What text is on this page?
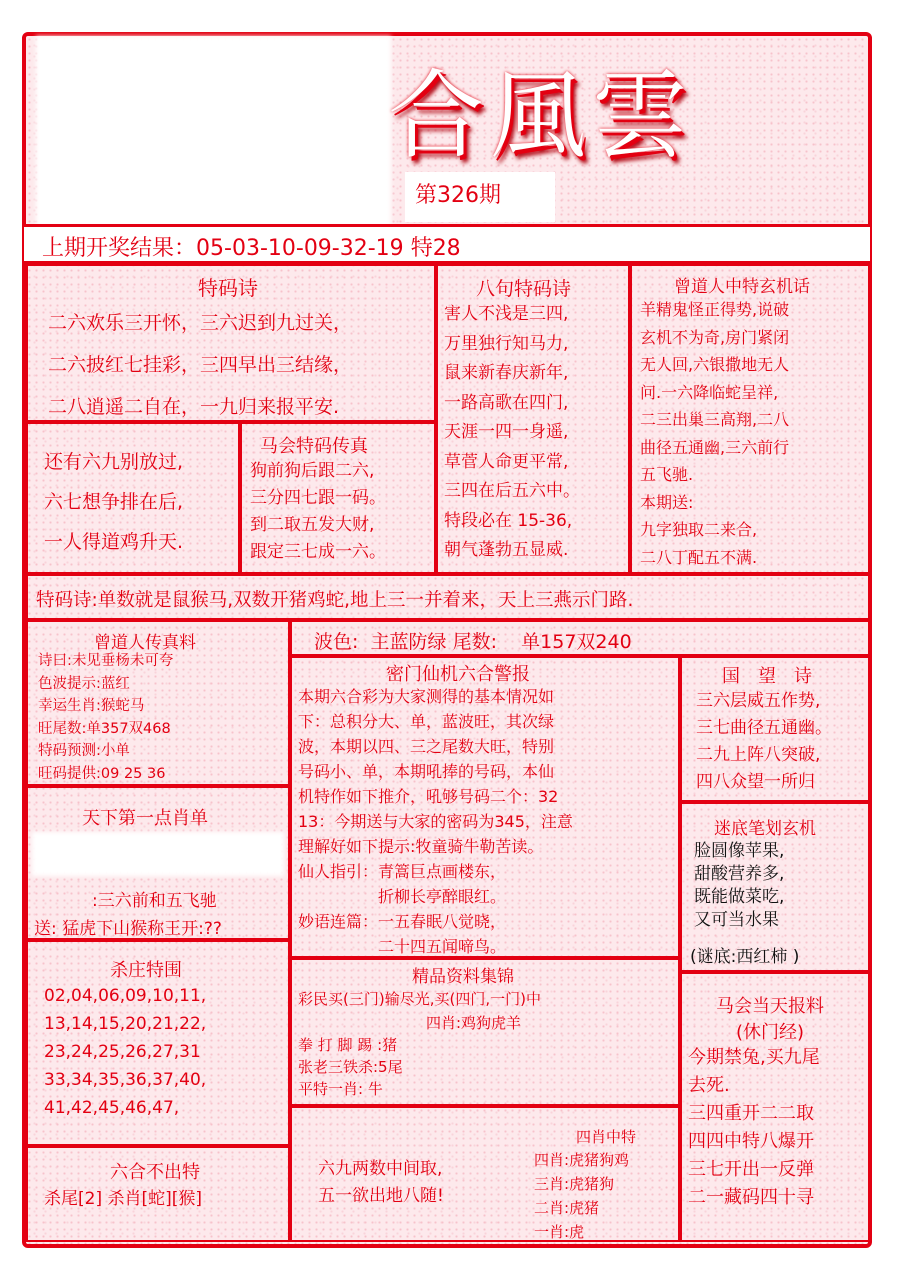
合風雲
第326期
上期开奖结果：05-03-10-09-32-19 特28
特码诗
二六欢乐三开怀，三六迟到九过关，
二六披红七挂彩，三四早出三结缘，
二八逍遥二自在，一九归来报平安.
还有六九别放过,
六七想争排在后,
一人得道鸡升天.
马会特码传真
狗前狗后跟二六,
三分四七跟一码。
到二取五发大财,
跟定三七成一六。
八句特码诗
害人不浅是三四,
万里独行知马力,
鼠来新春庆新年,
一路高歌在四门,
天涯一四一身遥,
草菅人命更平常,
三四在后五六中。
特段必在 15-36,
朝气蓬勃五显威.
曾道人中特玄机话
羊精鬼怪正得势,说破
玄机不为奇,房门紧闭
无人回,六银撒地无人
问.一六降临蛇呈祥,
二三出巢三高翔,二八
曲径五通幽,三六前行
五飞驰.
本期送:
九字独取二来合,
二八丁配五不满.
特码诗:单数就是鼠猴马,双数开猪鸡蛇,地上三一并着来，天上三燕示门路.
曾道人传真料
诗曰:未见垂杨未可夸
色波提示:蓝红
幸运生肖:猴蛇马
旺尾数:单357双468
特码预测:小单
旺码提供:09 25 36
波色: 主蓝防绿 尾数: 单157双240
密门仙机六合警报
本期六合彩为大家测得的基本情况如
下：总积分大、单，蓝波旺，其次绿
波，本期以四、三之尾数大旺，特别
号码小、单，本期吼捧的号码，本仙
机特作如下推介，吼够号码二个：32
13：今期送与大家的密码为345，注意
理解好如下提示:牧童骑牛勒苦读。
仙人指引：青篙巨点画楼东，
　　　　　折柳长亭醉眼红。
妙语连篇：一五春眠八觉晓，
　　　　　二十四五闻啼鸟。
国　望　诗
三六层威五作势,
三七曲径五通幽。
二九上阵八突破,
四八众望一所归
天下第一点肖单
:三六前和五飞驰
送: 猛虎下山猴称王开:??
迷底笔划玄机
脸圆像苹果,
甜酸营养多,
既能做菜吃,
又可当水果
(谜底:西红柿 )
杀庄特围
02,04,06,09,10,11,
13,14,15,20,21,22,
23,24,25,26,27,31
33,34,35,36,37,40,
41,42,45,46,47,
精品资料集锦
彩民买(三门)输尽光,买(四门,一门)中
四肖:鸡狗虎羊
拳 打 脚 踢 :猪
张老三铁杀:5尾
平特一肖: 牛
马会当天报料
(休门经)
今期禁兔,买九尾
去死.
三四重开二二取
四四中特八爆开
三七开出一反弹
二一藏码四十寻
六合不出特
杀尾[2] 杀肖[蛇][猴]
六九两数中间取,
五一欲出地八随!
四肖中特
四肖:虎猪狗鸡
三肖:虎猪狗
二肖:虎猪
一肖:虎
